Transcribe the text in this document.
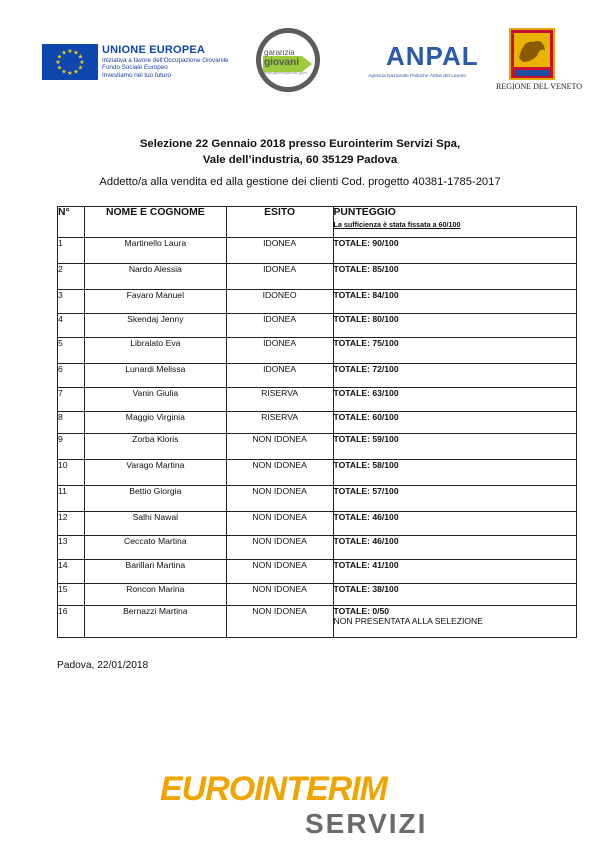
★ ★
★
★
★
★
★
★
★
★
★
★	UNIONE EUROPEA
Iniziativa a favore dell'Occupazione Giovanile
Fondo Sociale Europeo
Investiamo nel tuo futuro
garanzia
giovani
www.garanziagiovani.gov.it
ANPAL
Agenzia Nazionale Politiche Attive del Lavoro
REGIONE DEL VENETO
Selezione 22 Gennaio 2018 presso Eurointerim Servizi Spa,
Vale dell’industria, 60 35129 Padova
Addetto/a alla vendita ed alla gestione dei clienti Cod. progetto 40381-1785-2017
N°	NOME E COGNOME	ESITO	PUNTEGGIO
La sufficienza è stata fissata a 60/100

1	Martinello Laura	IDONEA	TOTALE: 90/100
2	Nardo Alessia	IDONEA	TOTALE: 85/100
3	Favaro Manuel	IDONEO	TOTALE: 84/100
4	Skendaj Jenny	IDONEA	TOTALE: 80/100
5	Libralato Eva	IDONEA	TOTALE: 75/100
6	Lunardi Melissa	IDONEA	TOTALE: 72/100
7	Vanin Giulia	RISERVA	TOTALE: 63/100
8	Maggio Virginia	RISERVA	TOTALE: 60/100
9	Zorba Kloris	NON IDONEA	TOTALE: 59/100
10	Varago Martina	NON IDONEA	TOTALE: 58/100
11	Bettio Giorgia	NON IDONEA	TOTALE: 57/100
12	Salhi Nawal	NON IDONEA	TOTALE: 46/100
13	Ceccato Martina	NON IDONEA	TOTALE: 46/100
14	Barillari Martina	NON IDONEA	TOTALE: 41/100
15	Roncon Marina	NON IDONEA	TOTALE: 38/100
16	Bernazzi Martina	NON IDONEA	TOTALE: 0/50
NON PRESENTATA ALLA SELEZIONE
Padova, 22/01/2018
EUROINTERIM
SERVIZI
